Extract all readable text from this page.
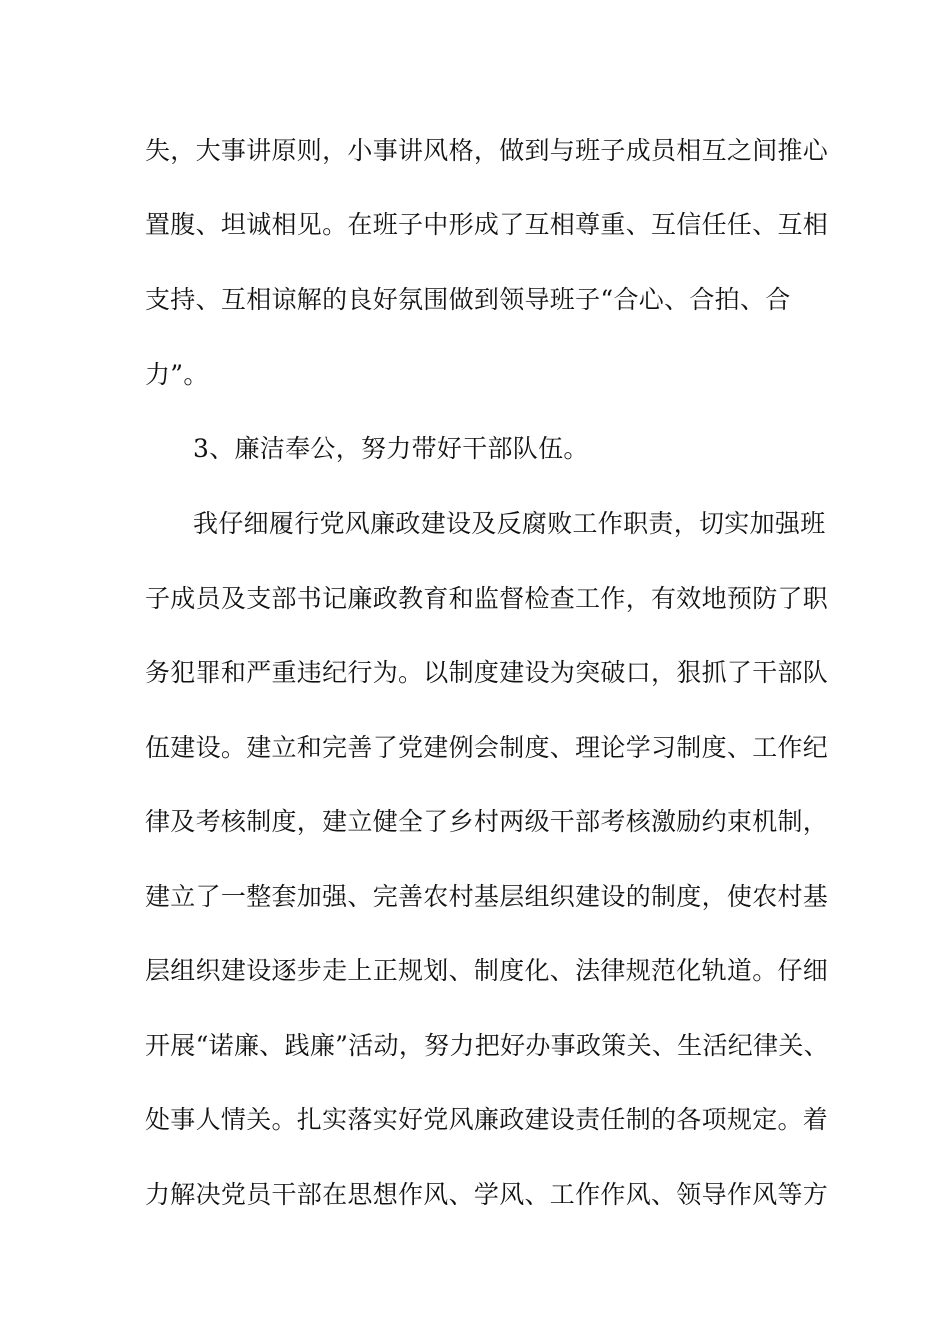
失，大事讲原则，小事讲风格，做到与班子成员相互之间推心
置腹、坦诚相见。在班子中形成了互相尊重、互信任任、互相
支持、互相谅解的良好氛围做到领导班子“合心、合拍、合
力”。
3、廉洁奉公，努力带好干部队伍。
我仔细履行党风廉政建设及反腐败工作职责，切实加强班
子成员及支部书记廉政教育和监督检查工作，有效地预防了职
务犯罪和严重违纪行为。以制度建设为突破口，狠抓了干部队
伍建设。建立和完善了党建例会制度、理论学习制度、工作纪
律及考核制度，建立健全了乡村两级干部考核激励约束机制，
建立了一整套加强、完善农村基层组织建设的制度，使农村基
层组织建设逐步走上正规划、制度化、法律规范化轨道。仔细
开展“诺廉、践廉”活动，努力把好办事政策关、生活纪律关、
处事人情关。扎实落实好党风廉政建设责任制的各项规定。着
力解决党员干部在思想作风、学风、工作作风、领导作风等方
